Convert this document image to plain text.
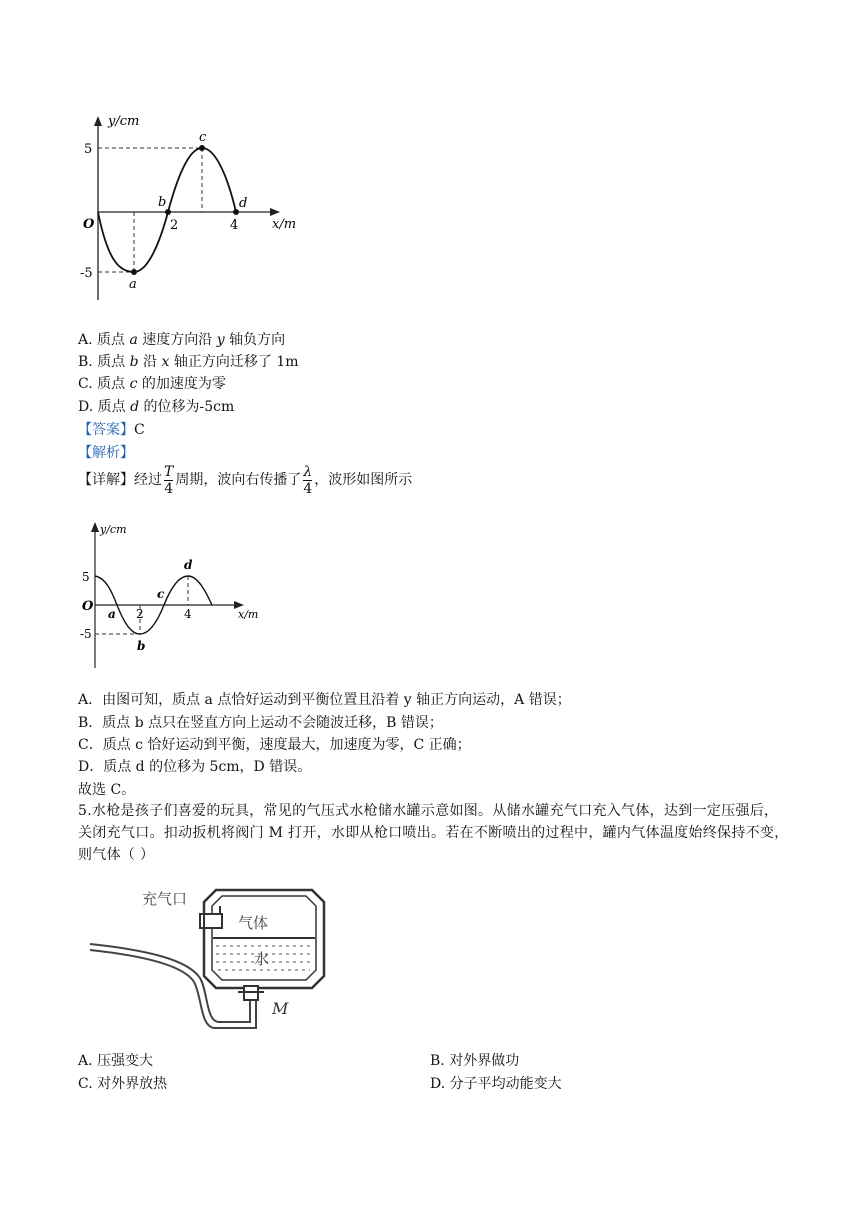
y/cm
x/m
O
5
-5
2	4
a
b
c
d
A. 质点 a 速度方向沿 y 轴负方向
B. 质点 b 沿 x 轴正方向迁移了 1m
C. 质点 c 的加速度为零
D. 质点 d 的位移为-5cm
【答案】C
【解析】
【详解】经过 $\frac{T}{4}$ 周期，波向右传播了 $\frac{\lambda}{4}$ ，波形如图所示
y/cm
x/m
O
5
-5
2	4
a
b
c
d
A．由图可知，质点 a 点恰好运动到平衡位置且沿着 y 轴正方向运动，A 错误；
B．质点 b 点只在竖直方向上运动不会随波迁移，B 错误；
C．质点 c 恰好运动到平衡，速度最大，加速度为零，C 正确；
D．质点 d 的位移为 5cm，D 错误。
故选 C。
5.水枪是孩子们喜爱的玩具，常见的气压式水枪储水罐示意如图。从储水罐充气口充入气体，达到一定压强后，关闭充气口。扣动扳机将阀门 M 打开，水即从枪口喷出。若在不断喷出的过程中，罐内气体温度始终保持不变，则气体（ ）
充气口
气体
水
M
A. 压强变大	B. 对外界做功
C. 对外界放热	D. 分子平均动能变大
